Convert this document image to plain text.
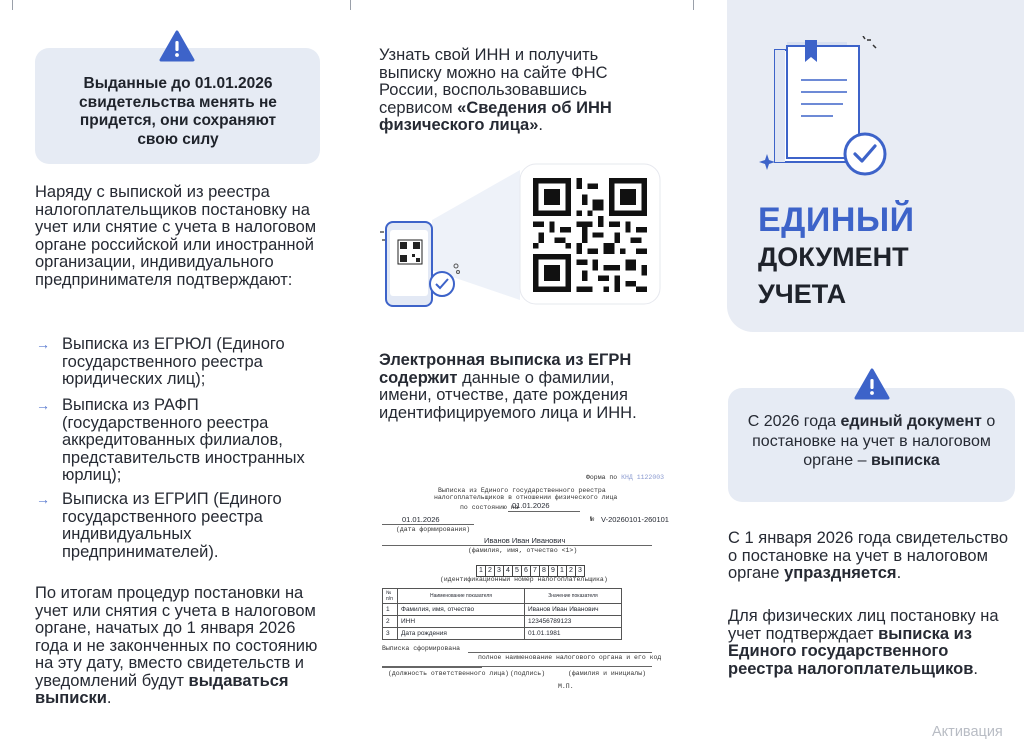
Выданные до 01.01.2026 свидетельства менять не придется, они сохраняют свою силу
Наряду с выпиской из реестра налогоплательщиков постановку на учет или снятие с учета в налоговом органе российской или иностранной организации, индивидуального предпринимателя подтверждают:
→ Выписка из ЕГРЮЛ (Единого государственного реестра юридических лиц);
→ Выписка из РАФП (государственного реестра аккредитованных филиалов, представительств иностранных юрлиц);
→ Выписка из ЕГРИП (Единого государственного реестра индивидуальных предпринимателей).
По итогам процедур постановки на учет или снятия с учета в налоговом органе, начатых до 1 января 2026 года и не законченных по состоянию на эту дату, вместо свидетельств и уведомлений будут выдаваться выписки.
Узнать свой ИНН и получить выписку можно на сайте ФНС России, воспользовавшись сервисом «Сведения об ИНН физического лица».
Электронная выписка из ЕГРН содержит данные о фамилии, имени, отчестве, дате рождения идентифицируемого лица и ИНН.
Форма по КНД 1122003
Выписка из Единого государственного реестра
налогоплательщиков в отношении физического лица
по состоянию на
01.01.2026
01.01.2026
(дата формирования)
№ V-20260101-260101
Иванов Иван Иванович
(фамилия, имя, отчество <1>)
1 2 3 4 5 6 7 8 9 1 2 3
(идентификационный номер налогоплательщика)
№ п/п	Наименование показателя	Значение показателя
1	Фамилия, имя, отчество	Иванов Иван Иванович
2	ИНН	123456789123
3	Дата рождения	01.01.1981
Выписка сформирована
полное наименование налогового органа и его код
(должность ответственного лица) (подпись)	(фамилия и инициалы)
М.П.
ЕДИНЫЙ
ДОКУМЕНТ
УЧЕТА
С 2026 года единый документ о постановке на учет в налоговом органе – выписка
С 1 января 2026 года свидетельство о постановке на учет в налоговом органе упраздняется.
Для физических лиц постановку на учет подтверждает выписка из Единого государственного реестра налогоплательщиков.
Активация
